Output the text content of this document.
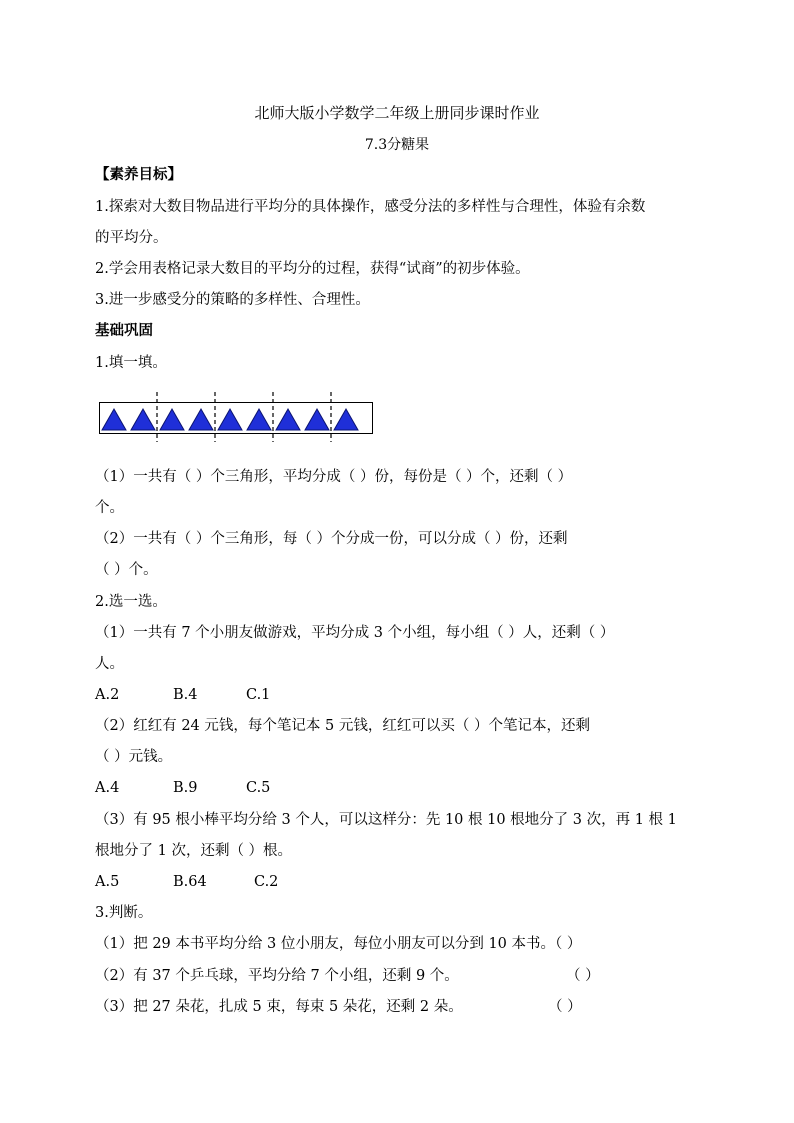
北师大版小学数学二年级上册同步课时作业
7.3分糖果
【素养目标】
1.探索对大数目物品进行平均分的具体操作，感受分法的多样性与合理性，体验有余数
的平均分。
2.学会用表格记录大数目的平均分的过程，获得“试商”的初步体验。
3.进一步感受分的策略的多样性、合理性。
基础巩固
1.填一填。
（1）一共有（ ）个三角形，平均分成（ ）份，每份是（ ）个，还剩（ ）
个。
（2）一共有（ ）个三角形，每（ ）个分成一份，可以分成（ ）份，还剩
（ ）个。
2.选一选。
（1）一共有 7 个小朋友做游戏，平均分成 3 个小组，每小组（ ）人，还剩（ ）
人。
A.2	B.4	C.1
（2）红红有 24 元钱，每个笔记本 5 元钱，红红可以买（ ）个笔记本，还剩
（ ）元钱。
A.4	B.9	C.5
（3）有 95 根小棒平均分给 3 个人，可以这样分：先 10 根 10 根地分了 3 次，再 1 根 1
根地分了 1 次，还剩（ ）根。
A.5	B.64	C.2
3.判断。
（1）把 29 本书平均分给 3 位小朋友，每位小朋友可以分到 10 本书。（ ）
（2）有 37 个乒乓球，平均分给 7 个小组，还剩 9 个。	（ ）
（3）把 27 朵花，扎成 5 束，每束 5 朵花，还剩 2 朵。	（ ）
